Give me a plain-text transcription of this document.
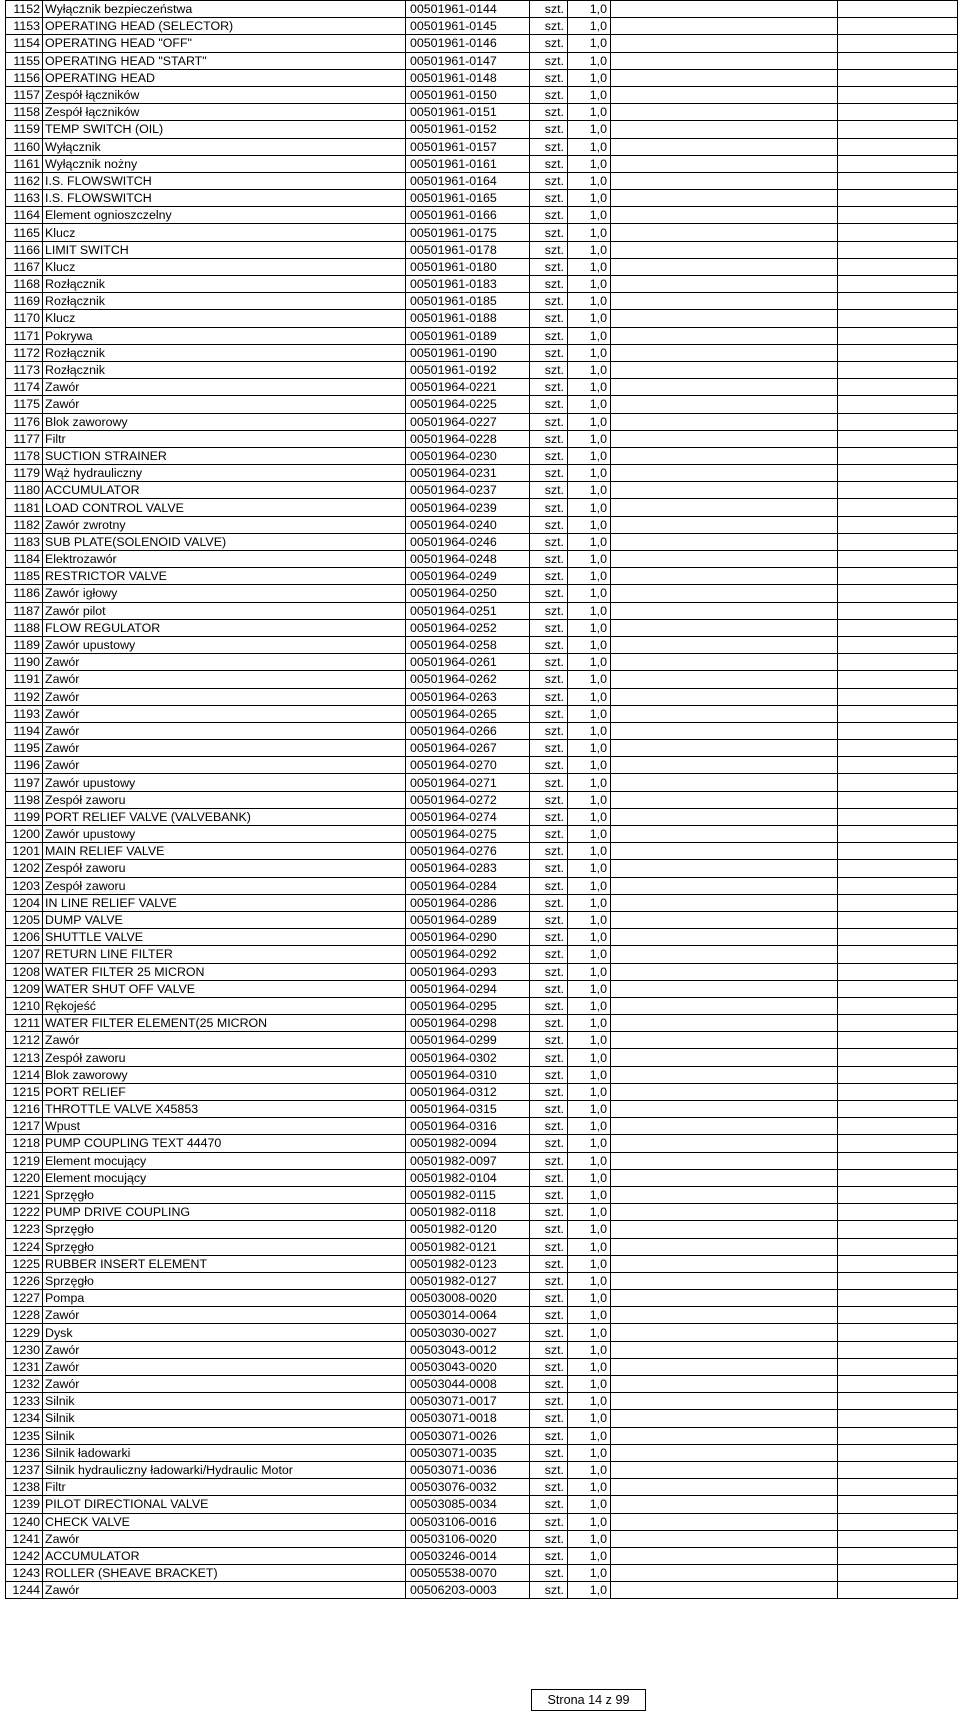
1152	Wyłącznik bezpieczeństwa	00501961-0144	szt.	1,0		
1153	OPERATING HEAD (SELECTOR)	00501961-0145	szt.	1,0		
1154	OPERATING HEAD "OFF"	00501961-0146	szt.	1,0		
1155	OPERATING HEAD "START"	00501961-0147	szt.	1,0		
1156	OPERATING HEAD	00501961-0148	szt.	1,0		
1157	Zespół łączników	00501961-0150	szt.	1,0		
1158	Zespół łączników	00501961-0151	szt.	1,0		
1159	TEMP SWITCH (OIL)	00501961-0152	szt.	1,0		
1160	Wyłącznik	00501961-0157	szt.	1,0		
1161	Wyłącznik nożny	00501961-0161	szt.	1,0		
1162	I.S. FLOWSWITCH	00501961-0164	szt.	1,0		
1163	I.S. FLOWSWITCH	00501961-0165	szt.	1,0		
1164	Element ognioszczelny	00501961-0166	szt.	1,0		
1165	Klucz	00501961-0175	szt.	1,0		
1166	LIMIT SWITCH	00501961-0178	szt.	1,0		
1167	Klucz	00501961-0180	szt.	1,0		
1168	Rozłącznik	00501961-0183	szt.	1,0		
1169	Rozłącznik	00501961-0185	szt.	1,0		
1170	Klucz	00501961-0188	szt.	1,0		
1171	Pokrywa	00501961-0189	szt.	1,0		
1172	Rozłącznik	00501961-0190	szt.	1,0		
1173	Rozłącznik	00501961-0192	szt.	1,0		
1174	Zawór	00501964-0221	szt.	1,0		
1175	Zawór	00501964-0225	szt.	1,0		
1176	Blok zaworowy	00501964-0227	szt.	1,0		
1177	Filtr	00501964-0228	szt.	1,0		
1178	SUCTION STRAINER	00501964-0230	szt.	1,0		
1179	Wąż hydrauliczny	00501964-0231	szt.	1,0		
1180	ACCUMULATOR	00501964-0237	szt.	1,0		
1181	LOAD CONTROL VALVE	00501964-0239	szt.	1,0		
1182	Zawór zwrotny	00501964-0240	szt.	1,0		
1183	SUB PLATE(SOLENOID VALVE)	00501964-0246	szt.	1,0		
1184	Elektrozawór	00501964-0248	szt.	1,0		
1185	RESTRICTOR VALVE	00501964-0249	szt.	1,0		
1186	Zawór igłowy	00501964-0250	szt.	1,0		
1187	Zawór pilot	00501964-0251	szt.	1,0		
1188	FLOW REGULATOR	00501964-0252	szt.	1,0		
1189	Zawór upustowy	00501964-0258	szt.	1,0		
1190	Zawór	00501964-0261	szt.	1,0		
1191	Zawór	00501964-0262	szt.	1,0		
1192	Zawór	00501964-0263	szt.	1,0		
1193	Zawór	00501964-0265	szt.	1,0		
1194	Zawór	00501964-0266	szt.	1,0		
1195	Zawór	00501964-0267	szt.	1,0		
1196	Zawór	00501964-0270	szt.	1,0		
1197	Zawór upustowy	00501964-0271	szt.	1,0		
1198	Zespół zaworu	00501964-0272	szt.	1,0		
1199	PORT RELIEF VALVE (VALVEBANK)	00501964-0274	szt.	1,0		
1200	Zawór upustowy	00501964-0275	szt.	1,0		
1201	MAIN RELIEF VALVE	00501964-0276	szt.	1,0		
1202	Zespół zaworu	00501964-0283	szt.	1,0		
1203	Zespół zaworu	00501964-0284	szt.	1,0		
1204	IN LINE RELIEF VALVE	00501964-0286	szt.	1,0		
1205	DUMP VALVE	00501964-0289	szt.	1,0		
1206	SHUTTLE VALVE	00501964-0290	szt.	1,0		
1207	RETURN LINE FILTER	00501964-0292	szt.	1,0		
1208	WATER FILTER 25 MICRON	00501964-0293	szt.	1,0		
1209	WATER SHUT OFF VALVE	00501964-0294	szt.	1,0		
1210	Rękojeść	00501964-0295	szt.	1,0		
1211	WATER FILTER ELEMENT(25 MICRON	00501964-0298	szt.	1,0		
1212	Zawór	00501964-0299	szt.	1,0		
1213	Zespół zaworu	00501964-0302	szt.	1,0		
1214	Blok zaworowy	00501964-0310	szt.	1,0		
1215	PORT RELIEF	00501964-0312	szt.	1,0		
1216	THROTTLE VALVE X45853	00501964-0315	szt.	1,0		
1217	Wpust	00501964-0316	szt.	1,0		
1218	PUMP COUPLING TEXT 44470	00501982-0094	szt.	1,0		
1219	Element mocujący	00501982-0097	szt.	1,0		
1220	Element mocujący	00501982-0104	szt.	1,0		
1221	Sprzęgło	00501982-0115	szt.	1,0		
1222	PUMP DRIVE COUPLING	00501982-0118	szt.	1,0		
1223	Sprzęgło	00501982-0120	szt.	1,0		
1224	Sprzęgło	00501982-0121	szt.	1,0		
1225	RUBBER INSERT ELEMENT	00501982-0123	szt.	1,0		
1226	Sprzęgło	00501982-0127	szt.	1,0		
1227	Pompa	00503008-0020	szt.	1,0		
1228	Zawór	00503014-0064	szt.	1,0		
1229	Dysk	00503030-0027	szt.	1,0		
1230	Zawór	00503043-0012	szt.	1,0		
1231	Zawór	00503043-0020	szt.	1,0		
1232	Zawór	00503044-0008	szt.	1,0		
1233	Silnik	00503071-0017	szt.	1,0		
1234	Silnik	00503071-0018	szt.	1,0		
1235	Silnik	00503071-0026	szt.	1,0		
1236	Silnik ładowarki	00503071-0035	szt.	1,0		
1237	Silnik hydrauliczny ładowarki/Hydraulic Motor	00503071-0036	szt.	1,0		
1238	Filtr	00503076-0032	szt.	1,0		
1239	PILOT DIRECTIONAL VALVE	00503085-0034	szt.	1,0		
1240	CHECK VALVE	00503106-0016	szt.	1,0		
1241	Zawór	00503106-0020	szt.	1,0		
1242	ACCUMULATOR	00503246-0014	szt.	1,0		
1243	ROLLER (SHEAVE BRACKET)	00505538-0070	szt.	1,0		
1244	Zawór	00506203-0003	szt.	1,0		
Strona 14 z 99
